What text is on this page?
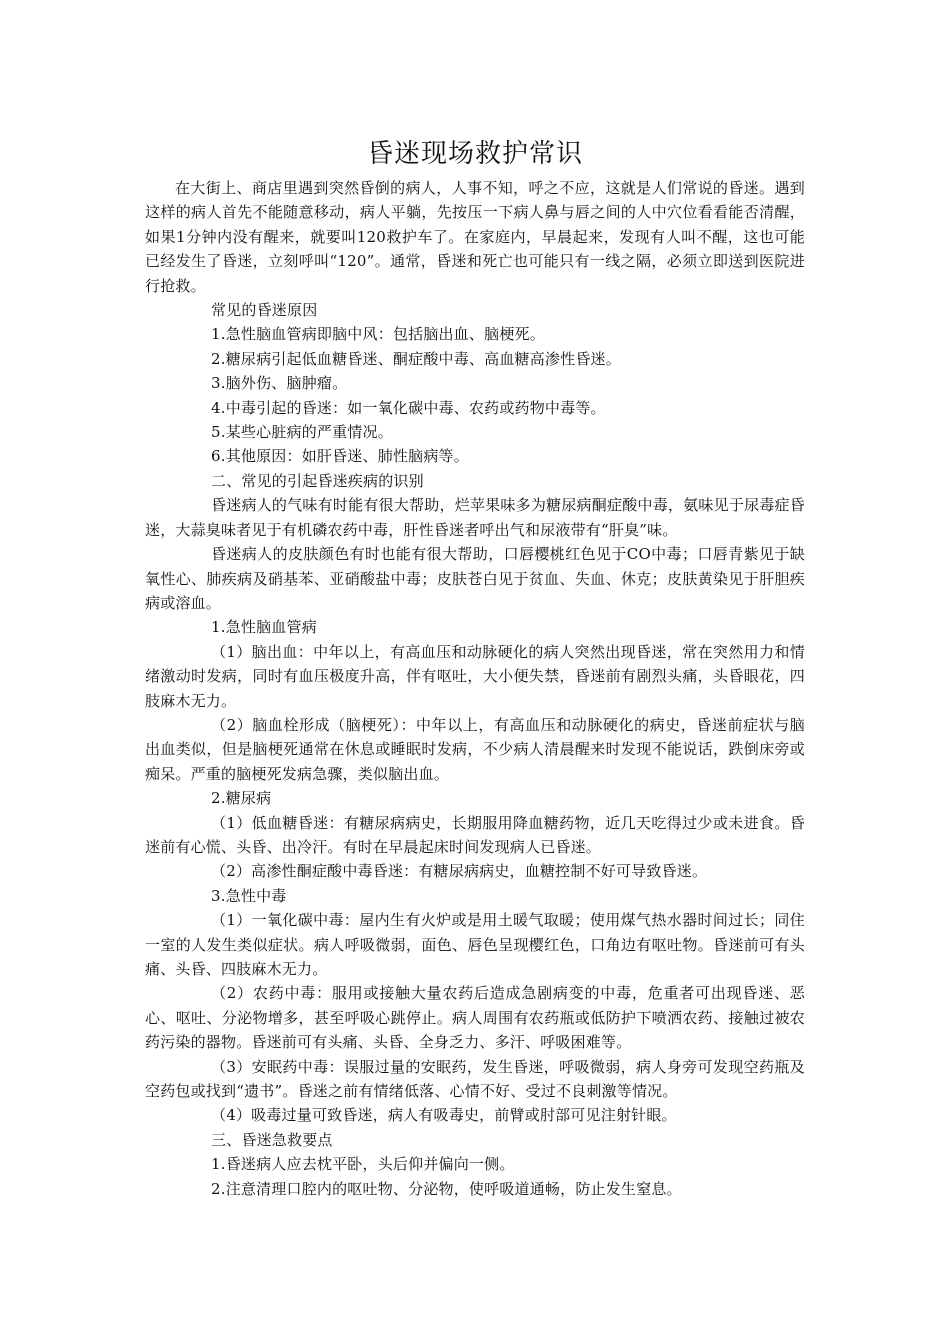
昏迷现场救护常识

在大街上、商店里遇到突然昏倒的病人，人事不知，呼之不应，这就是人们常说的昏迷。遇到这样的病人首先不能随意移动，病人平躺，先按压一下病人鼻与唇之间的人中穴位看看能否清醒，如果1分钟内没有醒来，就要叫120救护车了。在家庭内，早晨起来，发现有人叫不醒，这也可能已经发生了昏迷，立刻呼叫“120”。通常，昏迷和死亡也可能只有一线之隔，必须立即送到医院进行抢救。

常见的昏迷原因

1.急性脑血管病即脑中风：包括脑出血、脑梗死。

2.糖尿病引起低血糖昏迷、酮症酸中毒、高血糖高渗性昏迷。

3.脑外伤、脑肿瘤。

4.中毒引起的昏迷：如一氧化碳中毒、农药或药物中毒等。

5.某些心脏病的严重情况。

6.其他原因：如肝昏迷、肺性脑病等。

二、常见的引起昏迷疾病的识别

昏迷病人的气味有时能有很大帮助，烂苹果味多为糖尿病酮症酸中毒，氨味见于尿毒症昏迷，大蒜臭味者见于有机磷农药中毒，肝性昏迷者呼出气和尿液带有“肝臭”味。

昏迷病人的皮肤颜色有时也能有很大帮助，口唇樱桃红色见于CO中毒；口唇青紫见于缺氧性心、肺疾病及硝基苯、亚硝酸盐中毒；皮肤苍白见于贫血、失血、休克；皮肤黄染见于肝胆疾病或溶血。

1.急性脑血管病

（1）脑出血：中年以上，有高血压和动脉硬化的病人突然出现昏迷，常在突然用力和情绪激动时发病，同时有血压极度升高，伴有呕吐，大小便失禁，昏迷前有剧烈头痛，头昏眼花，四肢麻木无力。

（2）脑血栓形成（脑梗死）：中年以上，有高血压和动脉硬化的病史，昏迷前症状与脑出血类似，但是脑梗死通常在休息或睡眠时发病，不少病人清晨醒来时发现不能说话，跌倒床旁或痴呆。严重的脑梗死发病急骤，类似脑出血。

2.糖尿病

（1）低血糖昏迷：有糖尿病病史，长期服用降血糖药物，近几天吃得过少或未进食。昏迷前有心慌、头昏、出冷汗。有时在早晨起床时间发现病人已昏迷。

（2）高渗性酮症酸中毒昏迷：有糖尿病病史，血糖控制不好可导致昏迷。

3.急性中毒

（1）一氧化碳中毒：屋内生有火炉或是用土暖气取暖；使用煤气热水器时间过长；同住一室的人发生类似症状。病人呼吸微弱，面色、唇色呈现樱红色，口角边有呕吐物。昏迷前可有头痛、头昏、四肢麻木无力。

（2）农药中毒：服用或接触大量农药后造成急剧病变的中毒，危重者可出现昏迷、恶心、呕吐、分泌物增多，甚至呼吸心跳停止。病人周围有农药瓶或低防护下喷洒农药、接触过被农药污染的器物。昏迷前可有头痛、头昏、全身乏力、多汗、呼吸困难等。

（3）安眠药中毒：误服过量的安眠药，发生昏迷，呼吸微弱，病人身旁可发现空药瓶及空药包或找到“遗书”。昏迷之前有情绪低落、心情不好、受过不良刺激等情况。

（4）吸毒过量可致昏迷，病人有吸毒史，前臂或肘部可见注射针眼。

三、昏迷急救要点

1.昏迷病人应去枕平卧，头后仰并偏向一侧。

2.注意清理口腔内的呕吐物、分泌物，使呼吸道通畅，防止发生窒息。
